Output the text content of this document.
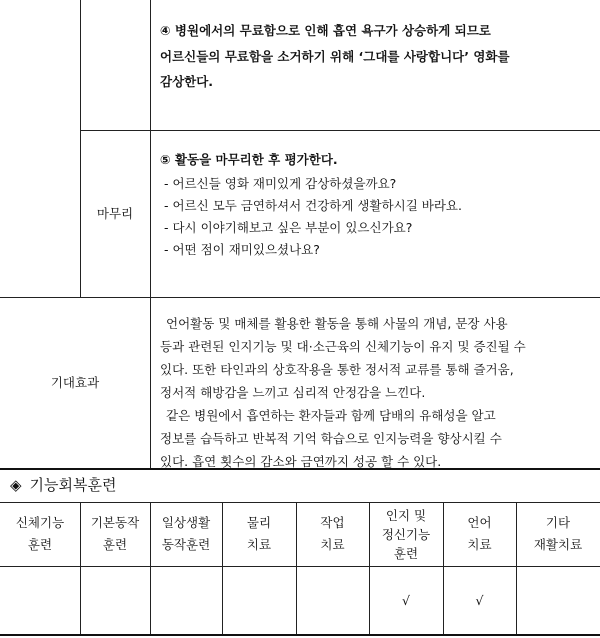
④ 병원에서의 무료함으로 인해 흡연 욕구가 상승하게 되므로
어르신들의 무료함을 소거하기 위해 ‘그대를 사랑합니다’ 영화를
감상한다.
마무리
⑤ 활동을 마무리한 후 평가한다.
- 어르신들 영화 재미있게 감상하셨을까요?
- 어르신 모두 금연하셔서 건강하게 생활하시길 바라요.
- 다시 이야기해보고 싶은 부분이 있으신가요?
- 어떤 점이 재미있으셨나요?
기대효과
언어활동 및 매체를 활용한 활동을 통해 사물의 개념, 문장 사용
등과 관련된 인지기능 및 대·소근육의 신체기능이 유지 및 증진될 수
있다. 또한 타인과의 상호작용을 통한 정서적 교류를 통해 즐거움,
정서적 해방감을 느끼고 심리적 안정감을 느낀다.
같은 병원에서 흡연하는 환자들과 함께 담배의 유해성을 알고
정보를 습득하고 반복적 기억 학습으로 인지능력을 향상시킬 수
있다. 흡연 횟수의 감소와 금연까지 성공 할 수 있다.
◈ 기능회복훈련
신체기능
훈련
기본동작
훈련
일상생활
동작훈련
물리
치료
작업
치료
인지 및
정신기능
훈련
언어
치료
기타
재활치료
√	√
